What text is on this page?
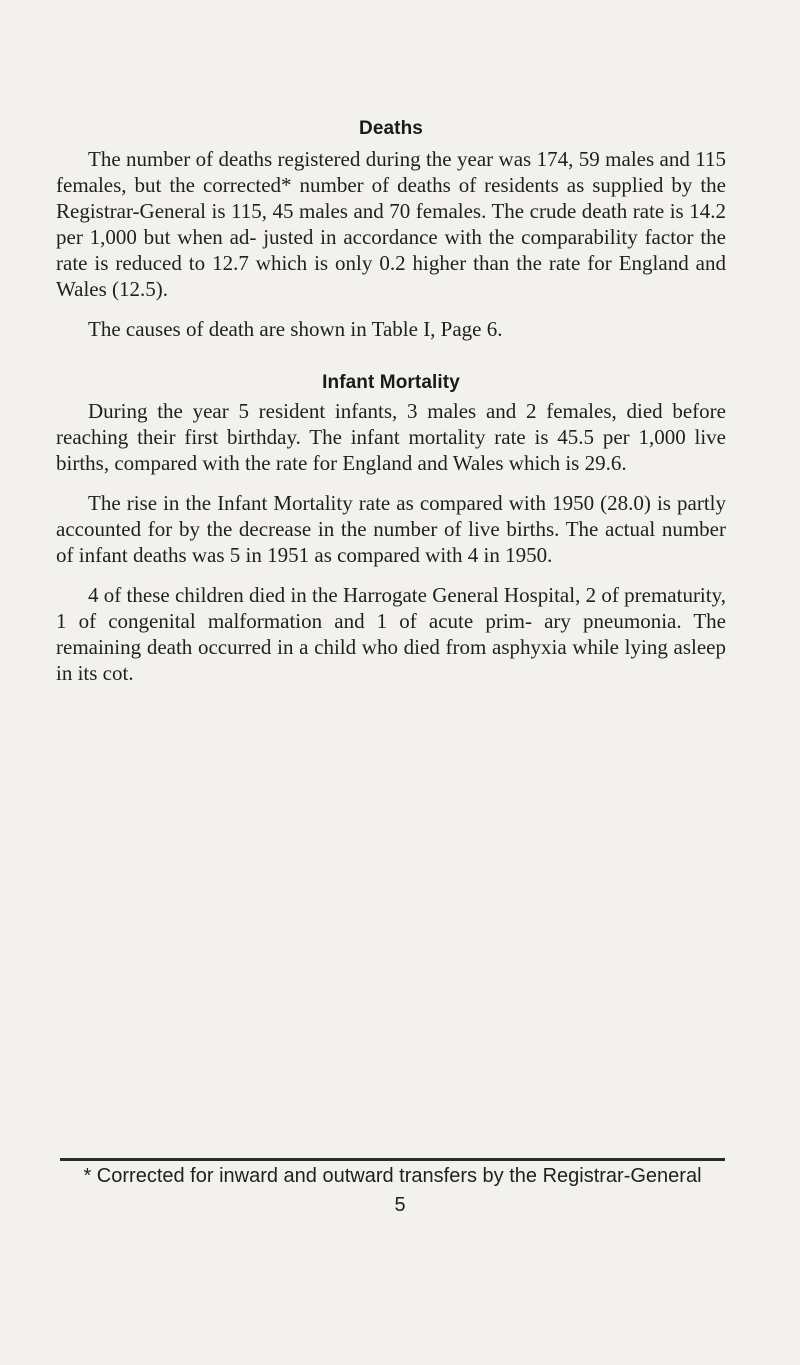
Deaths

The number of deaths registered during the year was 174, 59 males and 115 females, but the corrected* number of deaths of residents as supplied by the Registrar-General is 115, 45 males and 70 females. The crude death rate is 14.2 per 1,000 but when ad- justed in accordance with the comparability factor the rate is reduced to 12.7 which is only 0.2 higher than the rate for England and Wales (12.5).

The causes of death are shown in Table I, Page 6.

Infant Mortality

During the year 5 resident infants, 3 males and 2 females, died before reaching their first birthday. The infant mortality rate is 45.5 per 1,000 live births, compared with the rate for England and Wales which is 29.6.

The rise in the Infant Mortality rate as compared with 1950 (28.0) is partly accounted for by the decrease in the number of live births. The actual number of infant deaths was 5 in 1951 as compared with 4 in 1950.

4 of these children died in the Harrogate General Hospital, 2 of prematurity, 1 of congenital malformation and 1 of acute prim- ary pneumonia. The remaining death occurred in a child who died from asphyxia while lying asleep in its cot.

* Corrected for inward and outward transfers by the Registrar-General
5
